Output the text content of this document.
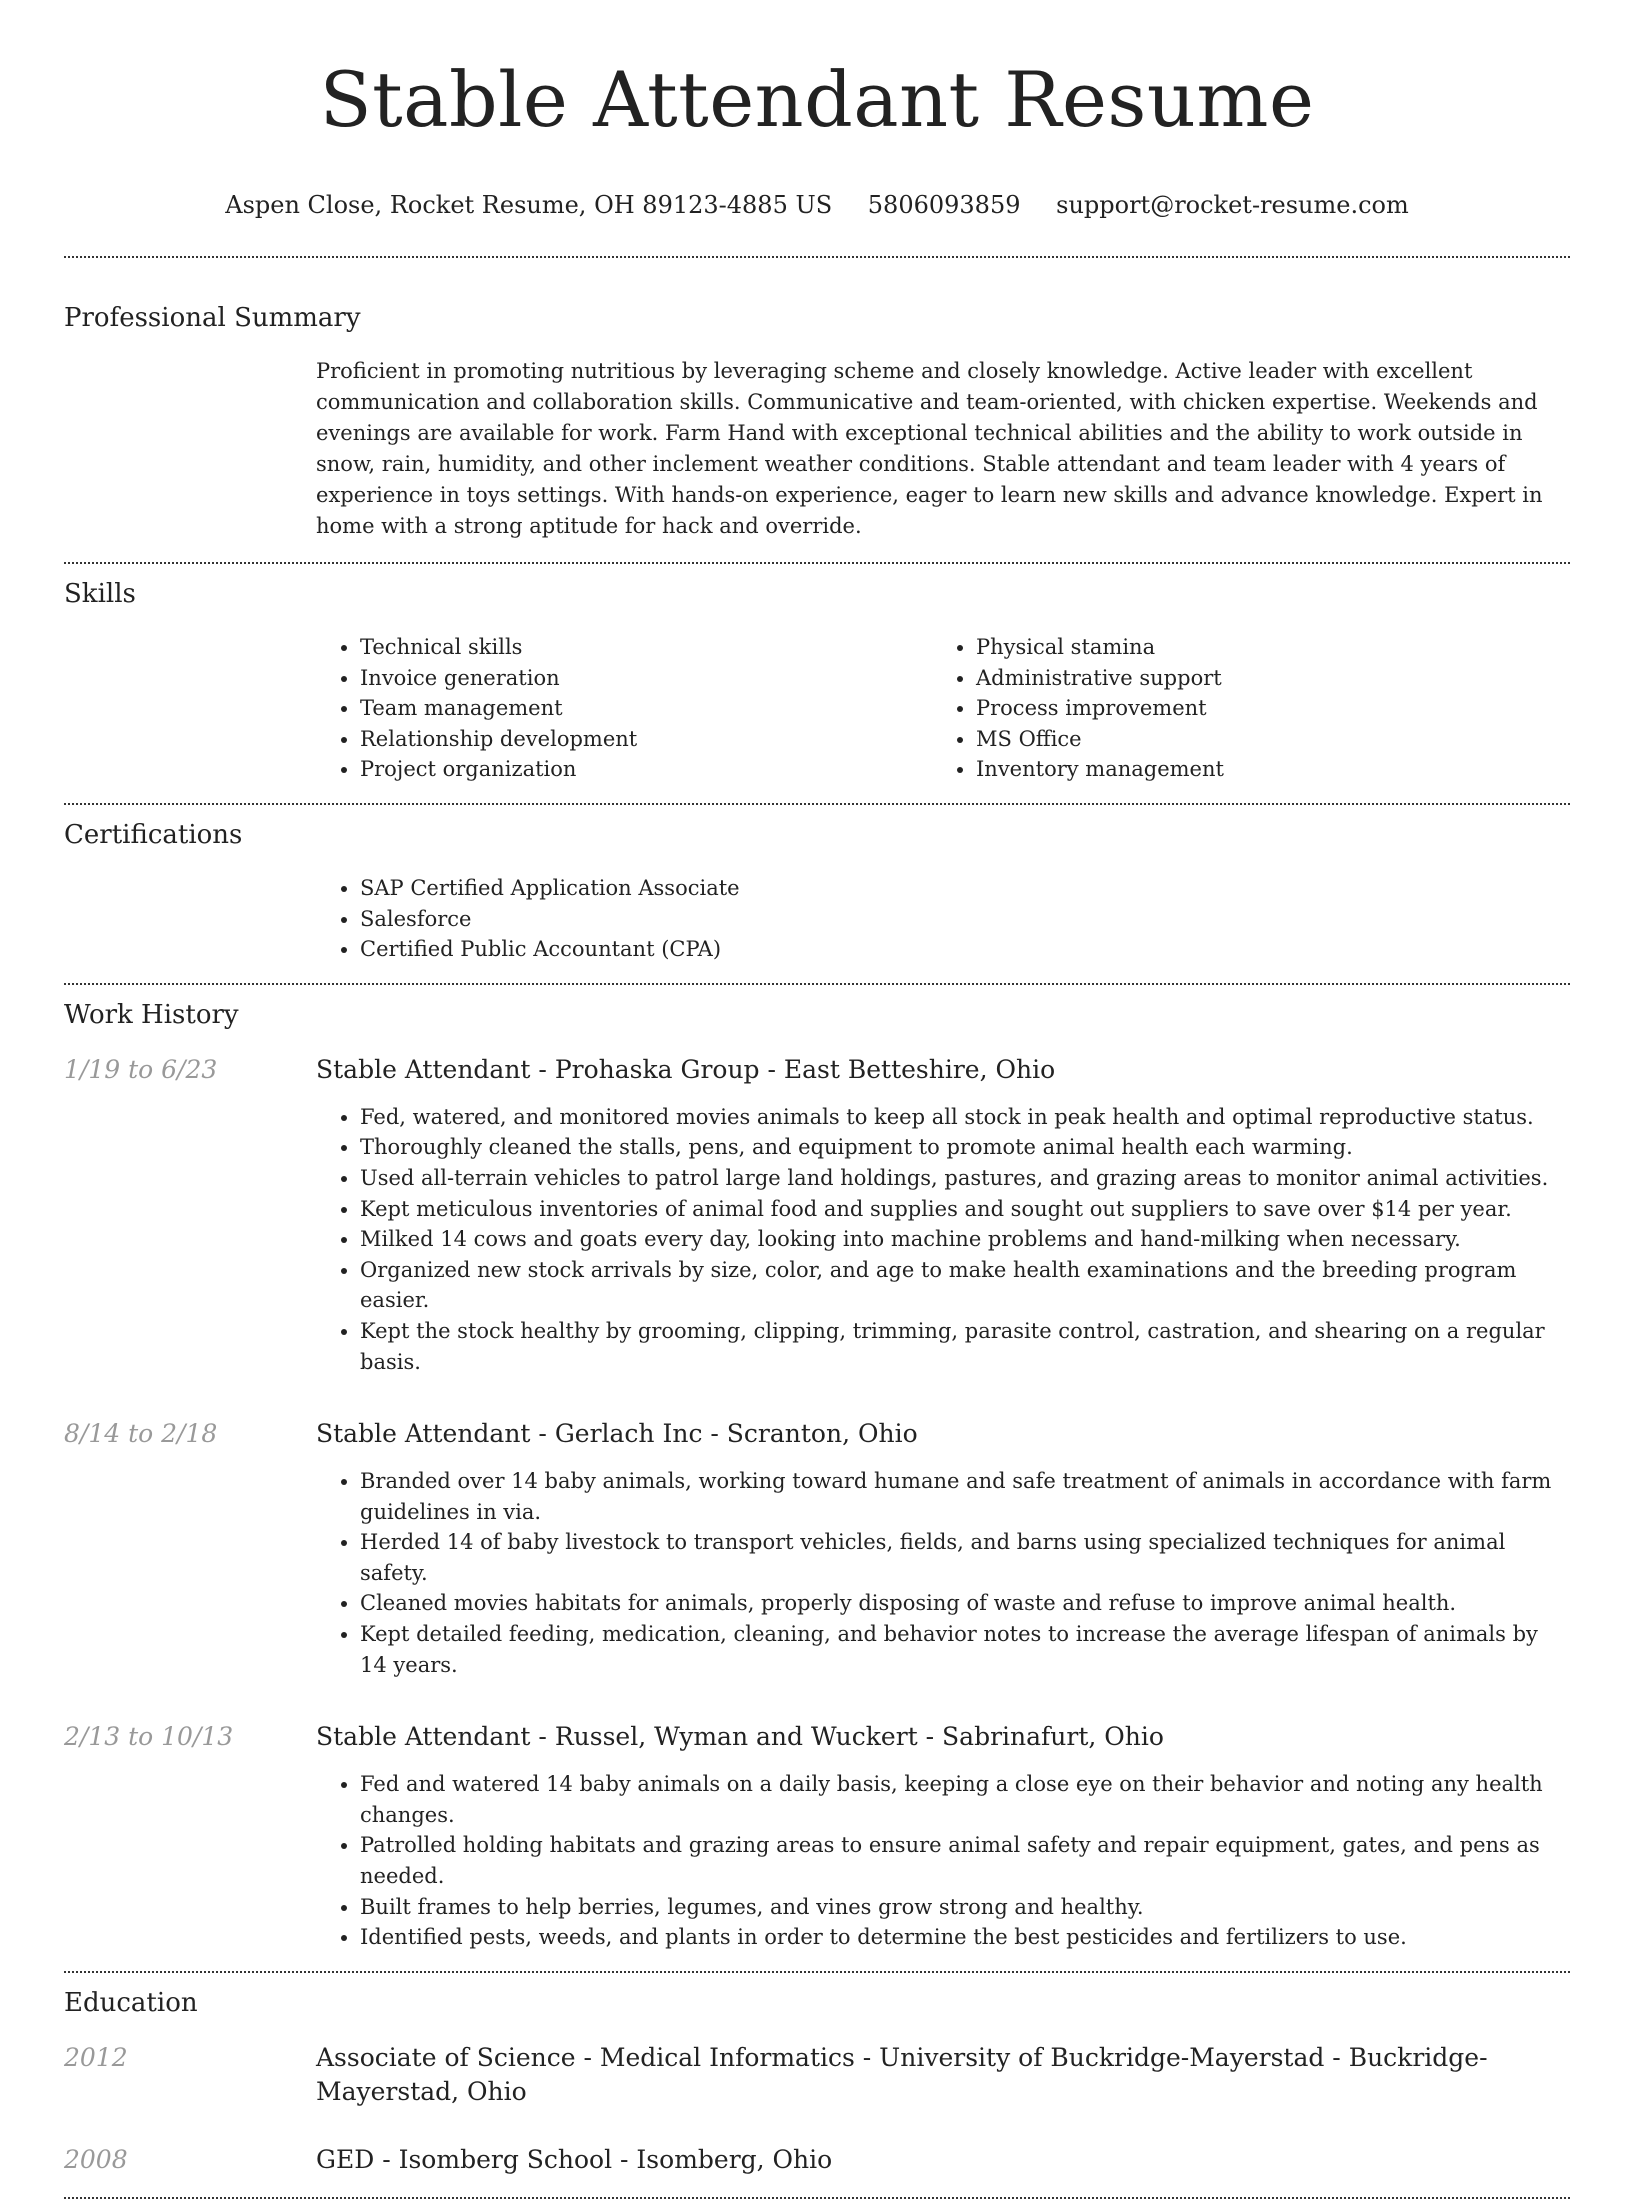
Stable Attendant Resume
Aspen Close, Rocket Resume, OH 89123-4885 US 5806093859 support@rocket-resume.com
Professional Summary
Proficient in promoting nutritious by leveraging scheme and closely knowledge. Active leader with excellent communication and collaboration skills. Communicative and team-oriented, with chicken expertise. Weekends and evenings are available for work. Farm Hand with exceptional technical abilities and the ability to work outside in snow, rain, humidity, and other inclement weather conditions. Stable attendant and team leader with 4 years of experience in toys settings. With hands-on experience, eager to learn new skills and advance knowledge. Expert in home with a strong aptitude for hack and override.
Skills
• Technical skills
• Invoice generation
• Team management
• Relationship development
• Project organization
• Physical stamina
• Administrative support
• Process improvement
• MS Office
• Inventory management
Certifications
• SAP Certified Application Associate
• Salesforce
• Certified Public Accountant (CPA)
Work History
1/19 to 6/23	Stable Attendant - Prohaska Group - East Betteshire, Ohio
• Fed, watered, and monitored movies animals to keep all stock in peak health and optimal reproductive status.
• Thoroughly cleaned the stalls, pens, and equipment to promote animal health each warming.
• Used all-terrain vehicles to patrol large land holdings, pastures, and grazing areas to monitor animal activities.
• Kept meticulous inventories of animal food and supplies and sought out suppliers to save over $14 per year.
• Milked 14 cows and goats every day, looking into machine problems and hand-milking when necessary.
• Organized new stock arrivals by size, color, and age to make health examinations and the breeding program easier.
• Kept the stock healthy by grooming, clipping, trimming, parasite control, castration, and shearing on a regular basis.
8/14 to 2/18	Stable Attendant - Gerlach Inc - Scranton, Ohio
• Branded over 14 baby animals, working toward humane and safe treatment of animals in accordance with farm guidelines in via.
• Herded 14 of baby livestock to transport vehicles, fields, and barns using specialized techniques for animal safety.
• Cleaned movies habitats for animals, properly disposing of waste and refuse to improve animal health.
• Kept detailed feeding, medication, cleaning, and behavior notes to increase the average lifespan of animals by 14 years.
2/13 to 10/13	Stable Attendant - Russel, Wyman and Wuckert - Sabrinafurt, Ohio
• Fed and watered 14 baby animals on a daily basis, keeping a close eye on their behavior and noting any health changes.
• Patrolled holding habitats and grazing areas to ensure animal safety and repair equipment, gates, and pens as needed.
• Built frames to help berries, legumes, and vines grow strong and healthy.
• Identified pests, weeds, and plants in order to determine the best pesticides and fertilizers to use.
Education
2012	Associate of Science - Medical Informatics - University of Buckridge-Mayerstad - Buckridge-Mayerstad, Ohio
2008	GED - Isomberg School - Isomberg, Ohio
